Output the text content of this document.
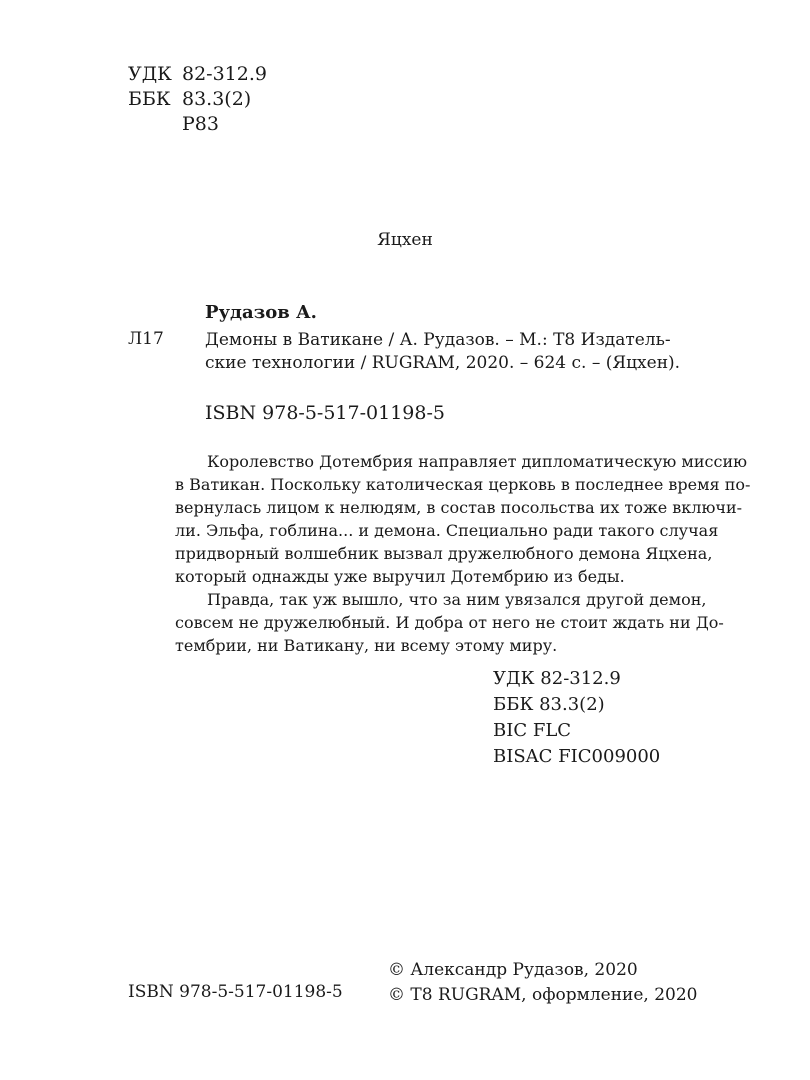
УДК 82-312.9
ББК 83.3(2)
Р83
Яцхен
Рудазов А.
Л17 Демоны в Ватикане / А. Рудазов. – М.: Т8 Издатель-
ские технологии / RUGRAM, 2020. – 624 с. – (Яцхен).
ISBN 978-5-517-01198-5

Королевство Дотембрия направляет дипломатическую миссию

в Ватикан. Поскольку католическая церковь в последнее время по-

вернулась лицом к нелюдям, в состав посольства их тоже включи-

ли. Эльфа, гоблина... и демона. Специально ради такого случая

придворный волшебник вызвал дружелюбного демона Яцхена,

который однажды уже выручил Дотембрию из беды.

Правда, так уж вышло, что за ним увязался другой демон,

совсем не дружелюбный. И добра от него не стоит ждать ни До-

тембрии, ни Ватикану, ни всему этому миру.

УДК 82-312.9
ББК 83.3(2)
BIC FLC
BISAC FIC009000
ISBN 978-5-517-01198-5
© Александр Рудазов, 2020
© Т8 RUGRAM, оформление, 2020
